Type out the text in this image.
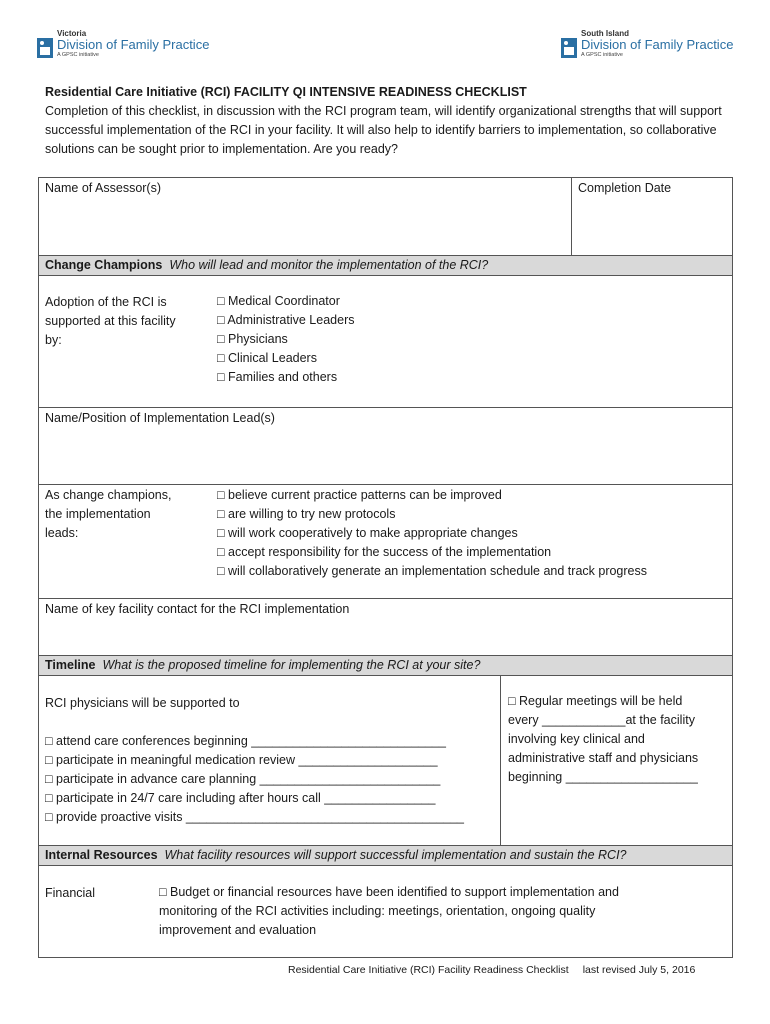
Victoria
Division of Family Practice
A GPSC initiative
South Island
Division of Family Practice
A GPSC initiative
Residential Care Initiative (RCI) FACILITY QI INTENSIVE READINESS CHECKLIST
Completion of this checklist, in discussion with the RCI program team, will identify organizational strengths that will support successful implementation of the RCI in your facility. It will also help to identify barriers to implementation, so collaborative solutions can be sought prior to implementation. Are you ready?
Name of Assessor(s)	Completion Date
Change Champions Who will lead and monitor the implementation of the RCI?
Adoption of the RCI is
supported at this facility
by:
□ Medical Coordinator
□ Administrative Leaders
□ Physicians
□ Clinical Leaders
□ Families and others
Name/Position of Implementation Lead(s)
As change champions,
the implementation
leads:
□ believe current practice patterns can be improved
□ are willing to try new protocols
□ will work cooperatively to make appropriate changes
□ accept responsibility for the success of the implementation
□ will collaboratively generate an implementation schedule and track progress
Name of key facility contact for the RCI implementation
Timeline What is the proposed timeline for implementing the RCI at your site?
RCI physicians will be supported to
□ attend care conferences beginning ____________________________
□ participate in meaningful medication review ____________________
□ participate in advance care planning __________________________
□ participate in 24/7 care including after hours call ________________
□ provide proactive visits ________________________________________
□ Regular meetings will be held
every ____________at the facility
involving key clinical and
administrative staff and physicians
beginning ___________________
Internal Resources What facility resources will support successful implementation and sustain the RCI?
Financial	□ Budget or financial resources have been identified to support implementation and
monitoring of the RCI activities including: meetings, orientation, ongoing quality
improvement and evaluation
Residential Care Initiative (RCI) Facility Readiness Checklist last revised July 5, 2016
